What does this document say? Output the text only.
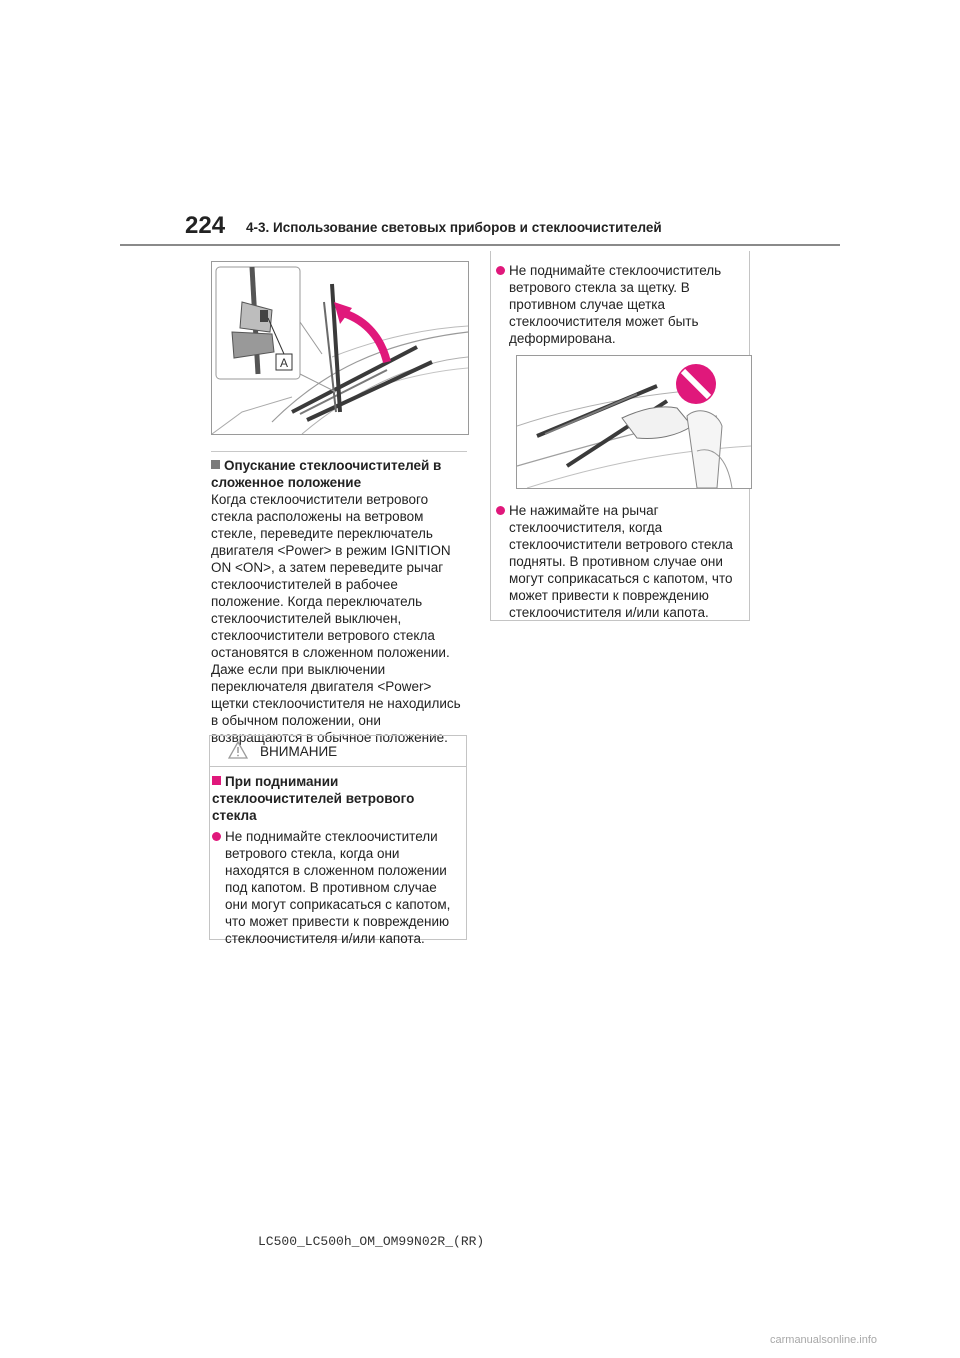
224 4-3. Использование световых приборов и стеклоочистителей
A
Опускание стеклоочистителей в сложенное положение
Когда стеклоочистители ветрового стекла расположены на ветровом стекле, переведите переключатель двигателя <Power> в режим IGNITION ON <ON>, а затем переведите рычаг стеклоочистителей в рабочее положение. Когда переключатель стеклоочистителей выключен, стеклоочистители ветрового стекла остановятся в сложенном положении. Даже если при выключении переключателя двигателя <Power> щетки стеклоочистителя не находились в обычном положении, они возвращаются в обычное положение.
ВНИМАНИЕ
При поднимании стеклоочистителей ветрового стекла
Не поднимайте стеклоочистители ветрового стекла, когда они находятся в сложенном положении под капотом. В противном случае они могут соприкасаться с капотом, что может привести к повреждению стеклоочистителя и/или капота.
Не поднимайте стеклоочиститель ветрового стекла за щетку. В противном случае щетка стеклоочистителя может быть деформирована.
Не нажимайте на рычаг стеклоочистителя, когда стеклоочистители ветрового стекла подняты. В противном случае они могут соприкасаться с капотом, что может привести к повреждению стеклоочистителя и/или капота.
LC500_LC500h_OM_OM99N02R_(RR)
carmanualsonline.info
